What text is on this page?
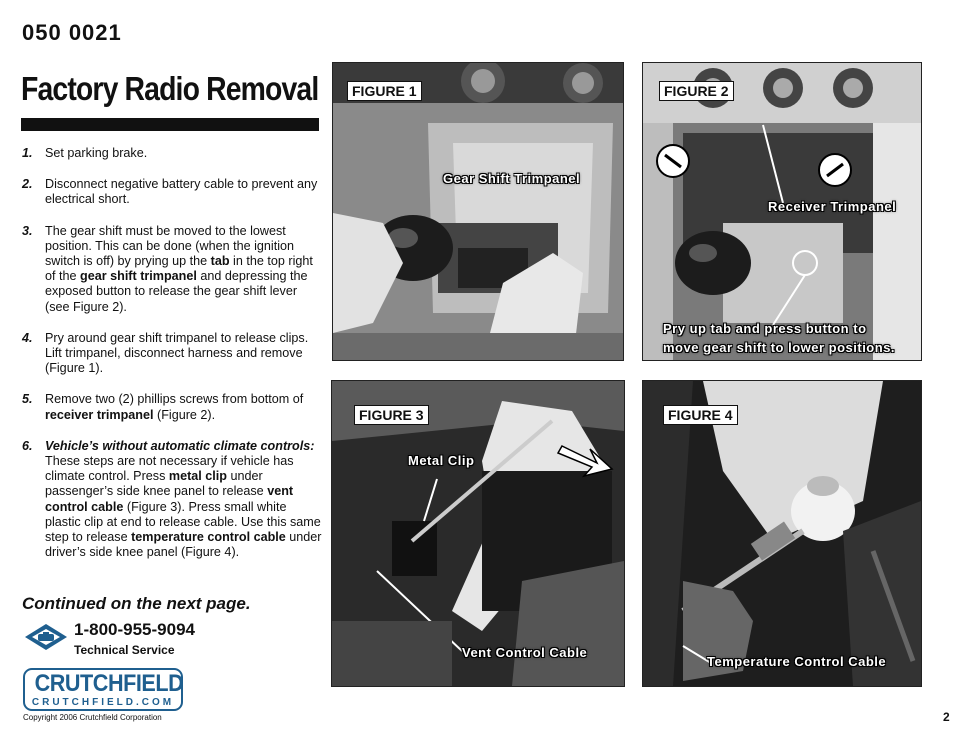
050 0021
Factory Radio Removal
1. Set parking brake.
2. Disconnect negative battery cable to prevent any electrical short.
3. The gear shift must be moved to the lowest position. This can be done (when the ignition switch is off) by prying up the tab in the top right of the gear shift trimpanel and depressing the exposed button to release the gear shift lever (see Figure 2).
4. Pry around gear shift trimpanel to release clips. Lift trimpanel, disconnect harness and remove (Figure 1).
5. Remove two (2) phillips screws from bottom of receiver trimpanel (Figure 2).
6. Vehicle’s without automatic climate controls: These steps are not necessary if vehicle has climate control. Press metal clip under passenger’s side knee panel to release vent control cable (Figure 3). Press small white plastic clip at end to release cable. Use this same step to release temperature control cable under driver’s side knee panel (Figure 4).
Continued on the next page.
1-800-955-9094
Technical Service
CRUTCHFIELD
CRUTCHFIELD.COM
Copyright 2006 Crutchfield Corporation	2
FIGURE 1
Gear Shift Trimpanel
FIGURE 2
Receiver Trimpanel
Pry up tab and press button to
move gear shift to lower positions.
FIGURE 3
Metal Clip
Vent Control Cable
FIGURE 4
Temperature Control Cable
